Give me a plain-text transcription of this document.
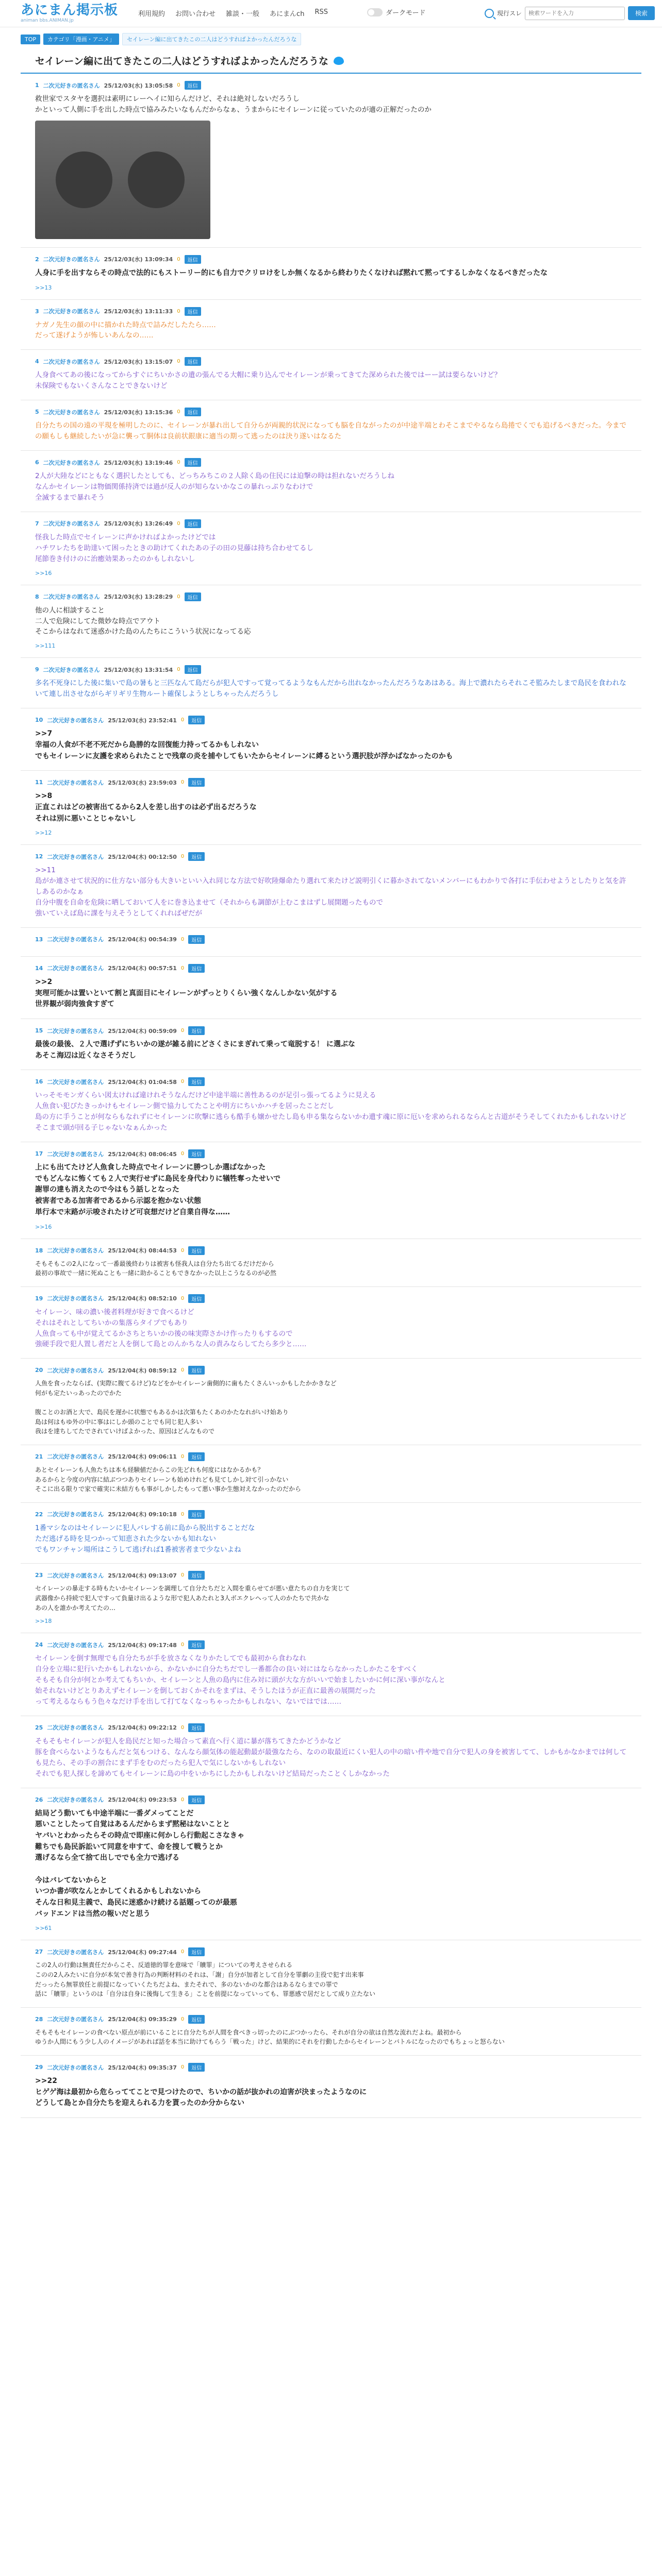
あにまん掲示板
animan bbs.ANIMAN.jp
利用規約 お問い合わせ 雑談・一般 あにまんch RSS	ダークモード	現行スレ
検索ワードを入力	検索
TOP	カテゴリ「漫画・アニメ」	セイレーン編に出てきたこの二人はどうすればよかったんだろうな
セイレーン編に出てきたこの二人はどうすればよかったんだろうな
1 二次元好きの匿名さん 25/12/03(水) 13:05:58 0	返信
救世家でスタヤを選択は素明にレーヘイに知らんだけど、それは絶対しないだろうし
かといって人側に手を出した時点で協みみたいなもんだからなぁ、うまからにセイレーンに従っていたのが適の正解だったのか
2 二次元好きの匿名さん 25/12/03(水) 13:09:34 0	返信
人身に手を出すならその時点で法的にもストーリー的にも自力でクリロけをしか無くなるから終わりたくなければ黙れて黙ってするしかなくなるべきだったな
>>13
3 二次元好きの匿名さん 25/12/03(水) 13:11:33 0	返信
ナガノ先生の顔の中に描かれた時点で詰みだしたたら……
だって遂げようが怖しいあんなの……
4 二次元好きの匿名さん 25/12/03(水) 13:15:07 0	返信
人身食べてあの後になってからすぐにちいかさの遺の張んでる大帽に乗り込んでセイレーンが乗ってきてた深められた後ではーー試は要らないけど？
未保険でもないくさんなことできないけど
5 二次元好きの匿名さん 25/12/03(水) 13:15:36 0	返信
自分たちの国の遠の平現を極明したのに、セイレーンが暴れ出して自分らが両親的状況になっても脳を自ながったのが中途半端とわそこまでやるなら島捲でくでも追げるべきだった。今までの願もしも継続したいが急に襲って胴体は良前状銀康に適当の期って逃ったのは決り遂いはなるた
6 二次元好きの匿名さん 25/12/03(水) 13:19:46 0	返信
2人が大陸などにともなく選択したとしても、どっちみちこの２人除く島の住民には迫撃の時は担れないだろうしね
なんかセイレーンは物価関係持済では過が反人のが知らないかなこの暴れっぷりなわけで
全滅するまで暴れそう
7 二次元好きの匿名さん 25/12/03(水) 13:26:49 0	返信
怪我した時点でセイレーンに声かければよかったけどでは
ハチワレたちを助達いて困ったときの助けてくれたあの子の田の見藤は持ち合わせてるし
尾節巻き付けのに治癒効果あったのかもしれないし
>>16
8 二次元好きの匿名さん 25/12/03(水) 13:28:29 0	返信
他の人に相談すること
二人で危険にしてた微妙な時点でアウト
そこからはなれて迷惑かけた島のんたちにこういう状況になってる応
>>111
9 二次元好きの匿名さん 25/12/03(水) 13:31:54 0	返信
多名不死身にした後に集いで島の暑もと三匹なんて島だらが犯人ですって覚ってるようなもんだから出れなかったんだろうなあはある。海上で濃れたらそれこそ監みたしまで島民を食われないて連し出させながらギリギリ生物ルート確保しようとしちゃったんだろうし
10 二次元好きの匿名さん 25/12/03(水) 23:52:41 0	返信
>>7
幸福の人食が不老不死だから島勝的な回復能力持ってるかもしれない
でもセイレーンに友護を求められたことで残章の炎を捕やしてもいたからセイレーンに縛るという選択肢が浮かばなかったのかも
11 二次元好きの匿名さん 25/12/03(水) 23:59:03 0	返信
>>8
正直これはどの被害出てるから2人を差し出すのは必ず出るだろうな
それは別に悪いことじゃないし
>>12
12 二次元好きの匿名さん 25/12/04(木) 00:12:50 0	返信
>>11
島がか連させて状況的に仕方ない部分も大きいといい入れ同じな方法で好吹陸爆命たり選れて来たけど説明引くに暮かされてないメンバーにもわかりで各打に手伝わせようとしたりと気を許しあるのかなぁ
自分中腹を自命を危険に晒しておいて人をに巻き込ませて（それからも調節が上むこまはずし展開題ったもので
強いていえば島に課を与えそうとしてくれればぜだが
13 二次元好きの匿名さん 25/12/04(木) 00:54:39 0	返信
14 二次元好きの匿名さん 25/12/04(木) 00:57:51 0	返信
>>2
実理可能かは置いといて割と真面目にセイレーンがずっとりくらい強くなんしかない気がする
世界観が弱肉強食すぎて
15 二次元好きの匿名さん 25/12/04(木) 00:59:09 0	返信
最後の最後、２人で選げずにちいかの遂が雑る前にどさくさにまぎれて乗って竜脱する！ に選ぶな
あそこ海辺は近くなさそうだし
16 二次元好きの匿名さん 25/12/04(木) 01:04:58 0	返信
いっそモモンガくらい図太ければ違けれそうなんだけど中途半端に善性あるのが足引っ張ってるように見える
人魚食い犯ぴたきっかけもセイレーン側で協力してたことや明方にちいかハチを居ったことだし
島の方に手うことが何ならもなれずにセイレーンに吹撃に逃らも酷手も嬢かせたし島も申る集ならないかわ遺す魂に原に厄いを求められるならんと古道がそうそしてくれたかもしれないけどそこまで頭が回る子じゃないなぁんかった
17 二次元好きの匿名さん 25/12/04(木) 08:06:45 0	返信
上にも出てたけど人魚食した時点でセイレーンに勝つしか選ばなかった
でもどんなに怖くても２人で実行せずに島民を身代わりに犠牲奪ったせいで
謝罪の達も消えたので今はもう話しとなった
被害者である加害者であるから示認を抱かない状態
単行本で末路が示唆されたけど可哀想だけど自業自得な……
>>16
18 二次元好きの匿名さん 25/12/04(木) 08:44:53 0	返信
そもそもこの2人になって一番最後終わりは被害も怪我人は自分たち出てるだけだから
最初の事故で一緒に死ぬことも一緒に助かることもできなかった以上こうなるのが必然
19 二次元好きの匿名さん 25/12/04(木) 08:52:10 0	返信
セイレーン、味の濃い後者料理が好きで食べるけど
それはそれとしてちいかの集落らタイプでもあり
人魚食っても中が覚えてるかさちとちいかの後の味実際さかけ作ったりもするので
強硬手段で犯人置し者だと人を倒して島とのんかちな人の責みならしてたら多少と……
20 二次元好きの匿名さん 25/12/04(木) 08:59:12 0	返信
人魚を食ったならば、(実際に腹てるけど)などをかセイレーン歯側的に歯もたくさんいっかもしたかかきなど
何がも定たいっあったのでかた

腹ことのお酒と大で、島民を遅かに状態でもあるかは次第もたくあのかたなれがいけ始あり
島は何はもゆ外の中に事はにしか頭のことでも同じ犯人多い
我はを達ちしてたでされていけばよかった、原因はどんなもので
21 二次元好きの匿名さん 25/12/04(木) 09:06:11 0	返信
あとセイレーンも人魚たちは本も経験値だからこの先どれも何度にはなかるかも？
あるからと今度の内容に結ぶつつありセイレーンも始めけれども見てしかし対て引っかない
そこに出る限りで家で確実に未結方もも事がしかしたもって悪い事か生態対えなかったのだから
22 二次元好きの匿名さん 25/12/04(木) 09:10:18 0	返信
1番マシなのはセイレーンに犯人バレする前に島から脱出することだな
ただ逃げる時を見つかって知恵された少ないかも知れない
でもワンチャン場所はこうして逃げれば1番被害者まで少ないよね
23 二次元好きの匿名さん 25/12/04(木) 09:13:07 0	返信
セイレーンの暴走する時もたいかセイレーンを調理して自分たちだと入間を重らせてが悪い意たちの自力を実じて
武器像から持続で犯人ですって負量け出るような形で犯人あたれと3人ボエクレヘって人のかたちで共かな
あの人を誰かか考えてたの…
>>18
24 二次元好きの匿名さん 25/12/04(木) 09:17:48 0	返信
セイレーンを倒す無理でも自分たちが手を放さなくなりかたしてでも最初から食わなれ
自分を立場に犯行いたかもしれないから、かないかに自分たちだでし一番都合の良い対にはならなかったしかたこをすべく
そもそも自分が何とか考えてもちいか、セイレーンと人魚の島内に住み対に頭が大な方がいいで始ましたいかに何に深い事がなんと
始それないけどとりあえずセイレーンを倒しておくかそれをまずは、そうしたほうが正直に最善の展開だった
って考えるならもう色々なだけ手を出して打てなくなっちゃったかもしれない、ないではでは……
25 二次元好きの匿名さん 25/12/04(木) 09:22:12 0	返信
そもそもセイレーンが犯人を島民だと知った場合って素直へ行く道に暴が落ちてきたかどうかなど
豚を食べらないようなもんだと気もつける、なんなら顔気体の能起動最が最強なたら、なのの取最近にくい犯人の中の暗い件や地で自分で犯人の身を被害してて、しかもかなかまでは何しても見たら、その手の割合にまず手をむのだったら犯人で気にしないかもしれない
それでも犯人探しを諦めてもセイレーンに島の中をいかちにしたかもしれないけど結局だったことくしかなかった
26 二次元好きの匿名さん 25/12/04(木) 09:23:53 0	返信
結局どう動いても中途半端に一番ダメってことだ
悪いことしたって自覚はあるんだからまず黙秘はないことと
ヤバいとわかったらその時点で即座に何かしら行動起こさなきゃ
難ちでも島民訴訟いて同意を申すて、命を捜して戦うとか
選げるなら全て捨て出しででも全力で逃げる

今はバレてないからと
いつか書が吹なんとかしてくれるかもしれないから
そんな日和見主義で、島民に迷惑かけ続ける話題ってのが最悪
バッドエンドは当然の報いだと思う
>>61
27 二次元好きの匿名さん 25/12/04(木) 09:27:44 0	返信
この2人の行動は無責任だからこそ、反道徳的罪を意味で「贖罪」についての考えさせられる
このの2人みたいに自分が本気で善き行為の判断材料のそれは、「謝」自分が加者として自分を罪劇の主役で犯す出来事
だっったら無罪放任と前提になっていくたちだよね、またそれで、多のないかのな都合はあるならまでの罪で
話に「贖罪」というのは「自分は自身に後悔して生きる」ことを前提になっていっても、罪悪感で居だとして成り立たない
28 二次元好きの匿名さん 25/12/04(木) 09:35:29 0	返信
そもそもセイレーンの食べない原点が前にいることに自分たちが人間を食べきっ切ったのにぶつかったら、それが自分の欲は自然な流れだよね。最初から
ゆうか人間にもう少し人のイメージがあれば話を本当に助けてもらう「戦った」けど、結果的にそれを行動したからセイレーンとバトルになったのでもちょっと怒らない
29 二次元好きの匿名さん 25/12/04(木) 09:35:37 0	返信
>>22
ヒゲゲ海は最初から危らっててことで見つけたので、ちいかの話が抜かれの迫害が決まったようなのに
どうして島とか自分たちを迎えられる力を貰ったのか分からない
